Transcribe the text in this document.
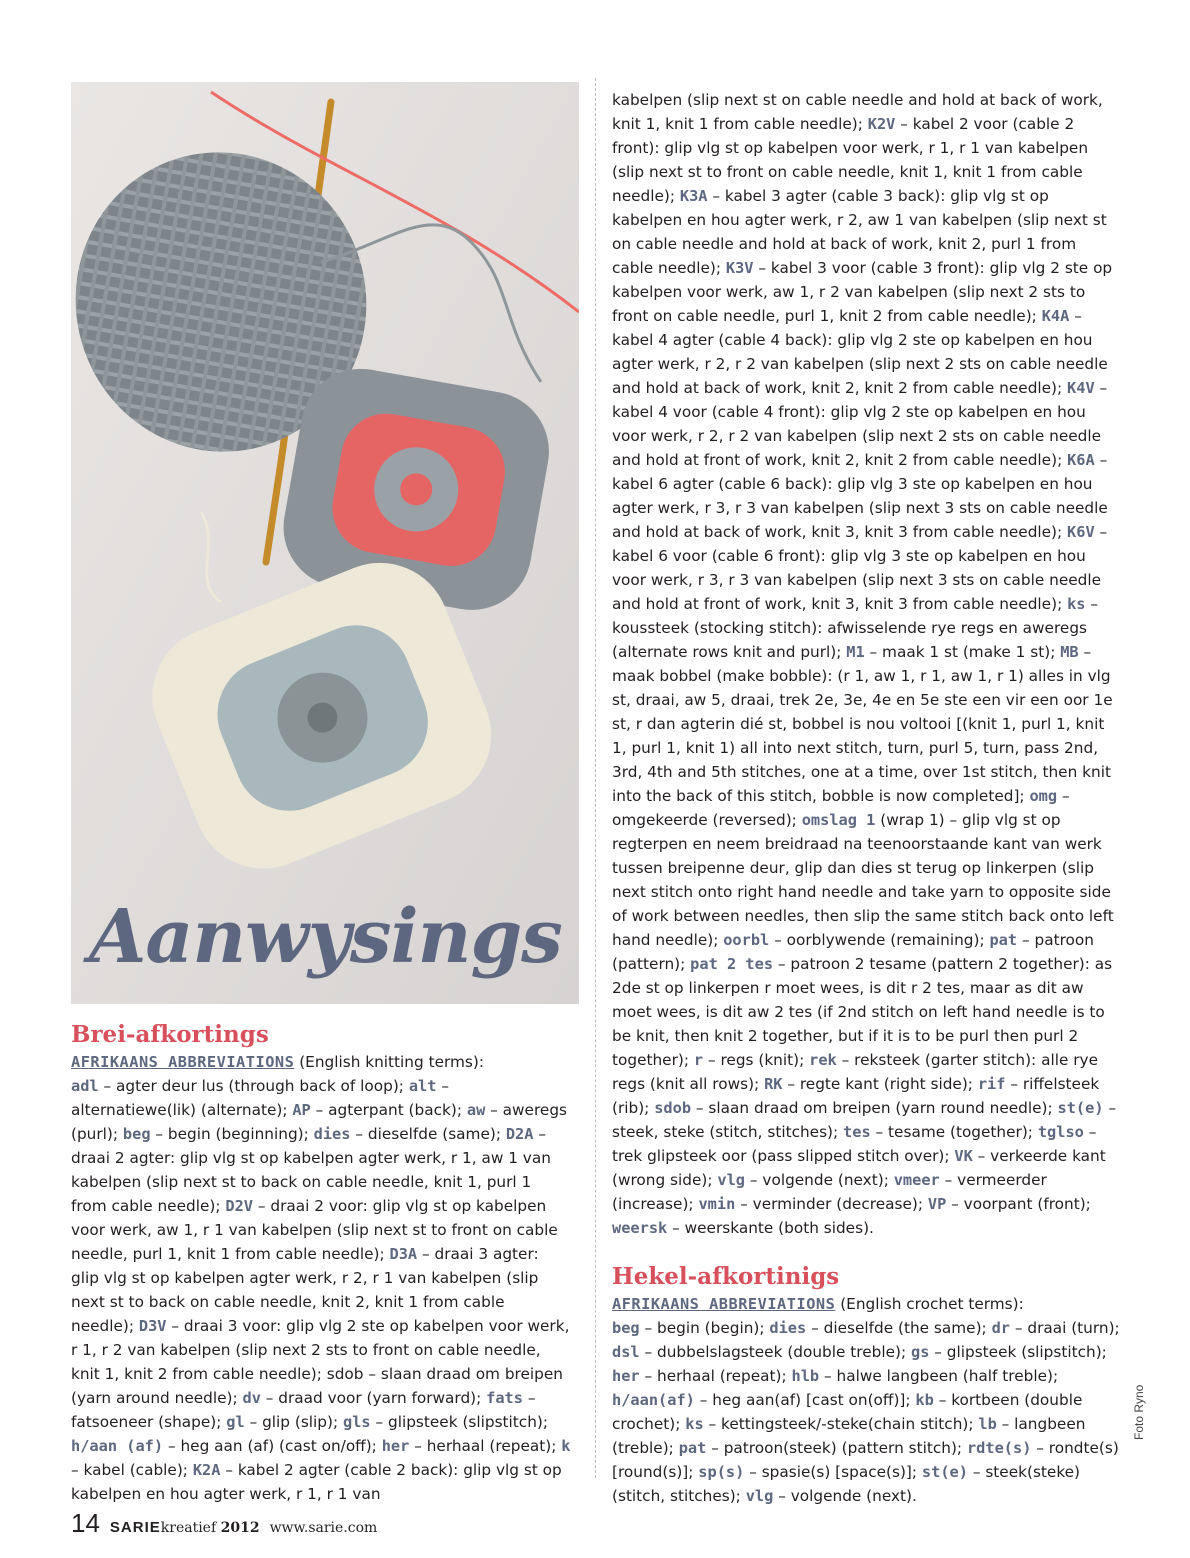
Aanwysings
Brei-afkortings

AFRIKAANS ABBREVIATIONS (English knitting terms):

adl – agter deur lus (through back of loop); alt – alternatiewe(lik) (alternate); AP – agterpant (back); aw – aweregs (purl); beg – begin (beginning); dies – dieselfde (same); D2A – draai 2 agter: glip vlg st op kabelpen agter werk, r 1, aw 1 van kabelpen (slip next st to back on cable needle, knit 1, purl 1 from cable needle); D2V – draai 2 voor: glip vlg st op kabelpen voor werk, aw 1, r 1 van kabelpen (slip next st to front on cable needle, purl 1, knit 1 from cable needle); D3A – draai 3 agter: glip vlg st op kabelpen agter werk, r 2, r 1 van kabelpen (slip next st to back on cable needle, knit 2, knit 1 from cable needle); D3V – draai 3 voor: glip vlg 2 ste op kabelpen voor werk, r 1, r 2 van kabelpen (slip next 2 sts to front on cable needle, knit 1, knit 2 from cable needle); sdob – slaan draad om breipen (yarn around needle); dv – draad voor (yarn forward); fats – fatsoeneer (shape); gl – glip (slip); gls – glipsteek (slipstitch); h/aan (af) – heg aan (af) (cast on/off); her – herhaal (repeat); k – kabel (cable); K2A – kabel 2 agter (cable 2 back): glip vlg st op kabelpen en hou agter werk, r 1, r 1 van

kabelpen (slip next st on cable needle and hold at back of work, knit 1, knit 1 from cable needle); K2V – kabel 2 voor (cable 2 front): glip vlg st op kabelpen voor werk, r 1, r 1 van kabelpen (slip next st to front on cable needle, knit 1, knit 1 from cable needle); K3A – kabel 3 agter (cable 3 back): glip vlg st op kabelpen en hou agter werk, r 2, aw 1 van kabelpen (slip next st on cable needle and hold at back of work, knit 2, purl 1 from cable needle); K3V – kabel 3 voor (cable 3 front): glip vlg 2 ste op kabelpen voor werk, aw 1, r 2 van kabelpen (slip next 2 sts to front on cable needle, purl 1, knit 2 from cable needle); K4A – kabel 4 agter (cable 4 back): glip vlg 2 ste op kabelpen en hou agter werk, r 2, r 2 van kabelpen (slip next 2 sts on cable needle and hold at back of work, knit 2, knit 2 from cable needle); K4V – kabel 4 voor (cable 4 front): glip vlg 2 ste op kabelpen en hou voor werk, r 2, r 2 van kabelpen (slip next 2 sts on cable needle and hold at front of work, knit 2, knit 2 from cable needle); K6A – kabel 6 agter (cable 6 back): glip vlg 3 ste op kabelpen en hou agter werk, r 3, r 3 van kabelpen (slip next 3 sts on cable needle and hold at back of work, knit 3, knit 3 from cable needle); K6V – kabel 6 voor (cable 6 front): glip vlg 3 ste op kabelpen en hou voor werk, r 3, r 3 van kabelpen (slip next 3 sts on cable needle and hold at front of work, knit 3, knit 3 from cable needle); ks – koussteek (stocking stitch): afwisselende rye regs en aweregs (alternate rows knit and purl); M1 – maak 1 st (make 1 st); MB – maak bobbel (make bobble): (r 1, aw 1, r 1, aw 1, r 1) alles in vlg st, draai, aw 5, draai, trek 2e, 3e, 4e en 5e ste een vir een oor 1e st, r dan agterin dié st, bobbel is nou voltooi [(knit 1, purl 1, knit 1, purl 1, knit 1) all into next stitch, turn, purl 5, turn, pass 2nd, 3rd, 4th and 5th stitches, one at a time, over 1st stitch, then knit into the back of this stitch, bobble is now completed]; omg – omgekeerde (reversed); omslag 1 (wrap 1) – glip vlg st op regterpen en neem breidraad na teenoorstaande kant van werk tussen breipenne deur, glip dan dies st terug op linkerpen (slip next stitch onto right hand needle and take yarn to opposite side of work between needles, then slip the same stitch back onto left hand needle); oorbl – oorblywende (remaining); pat – patroon (pattern); pat 2 tes – patroon 2 tesame (pattern 2 together): as 2de st op linkerpen r moet wees, is dit r 2 tes, maar as dit aw moet wees, is dit aw 2 tes (if 2nd stitch on left hand needle is to be knit, then knit 2 together, but if it is to be purl then purl 2 together); r – regs (knit); rek – reksteek (garter stitch): alle rye regs (knit all rows); RK – regte kant (right side); rif – riffelsteek (rib); sdob – slaan draad om breipen (yarn round needle); st(e) – steek, steke (stitch, stitches); tes – tesame (together); tglso – trek glipsteek oor (pass slipped stitch over); VK – verkeerde kant (wrong side); vlg – volgende (next); vmeer – vermeerder (increase); vmin – verminder (decrease); VP – voorpant (front); weersk – weerskante (both sides).

Hekel-afkortinigs

AFRIKAANS ABBREVIATIONS (English crochet terms):

beg – begin (begin); dies – dieselfde (the same); dr – draai (turn); dsl – dubbelslagsteek (double treble); gs – glipsteek (slipstitch); her – herhaal (repeat); hlb – halwe langbeen (half treble); h/aan(af) – heg aan(af) [cast on(off)]; kb – kortbeen (double crochet); ks – kettingsteek/-steke(chain stitch); lb – langbeen (treble); pat – patroon(steek) (pattern stitch); rdte(s) – rondte(s) [round(s)]; sp(s) – spasie(s) [space(s)]; st(e) – steek(steke) (stitch, stitches); vlg – volgende (next).

14 SARIEkreatief 2012 www.sarie.com
Foto Ryno
